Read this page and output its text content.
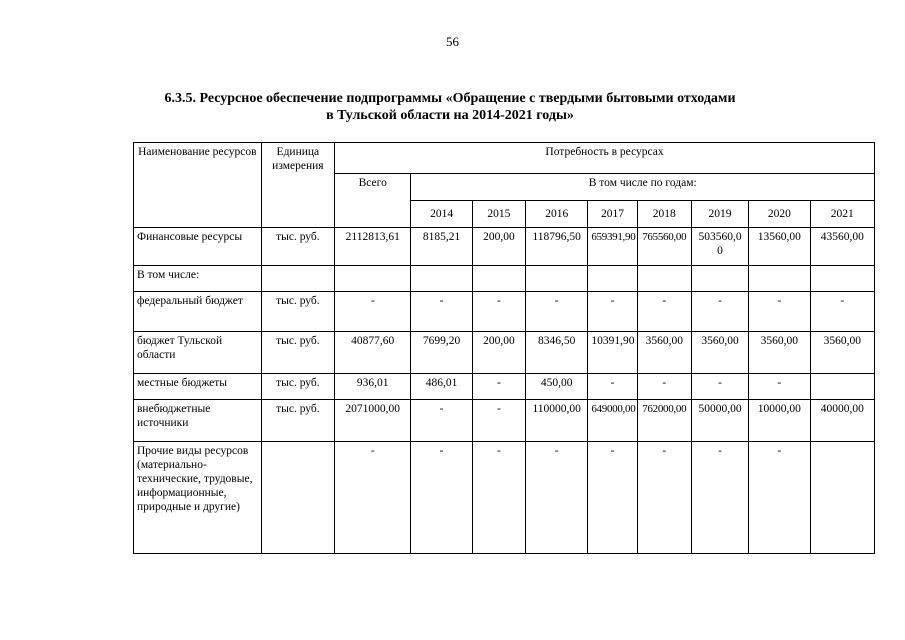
56
6.3.5. Ресурсное обеспечение подпрограммы «Обращение с твердыми бытовыми отходами
в Тульской области на 2014-2021 годы»
Наименование ресурсов	Единица измерения	Потребность в ресурсах								
		Всего	В том числе по годам:							
			2014	2015	2016	2017	2018	2019	2020	2021
Финансовые ресурсы	тыс. руб.	2112813,61	8185,21	200,00	118796,50	659391,90	765560,00	503560,0 0	13560,00	43560,00
В том числе:										
федеральный бюджет	тыс. руб.	-	-	-	-	-	-	-	-	-
бюджет Тульской области	тыс. руб.	40877,60	7699,20	200,00	8346,50	10391,90	3560,00	3560,00	3560,00	3560,00
местные бюджеты	тыс. руб.	936,01	486,01	-	450,00	-	-	-	-	
внебюджетные источники	тыс. руб.	2071000,00	-	-	110000,00	649000,00	762000,00	50000,00	10000,00	40000,00
Прочие виды ресурсов (материально-технические, трудовые, информационные, природные и другие)		-	-	-	-	-	-	-	-	
